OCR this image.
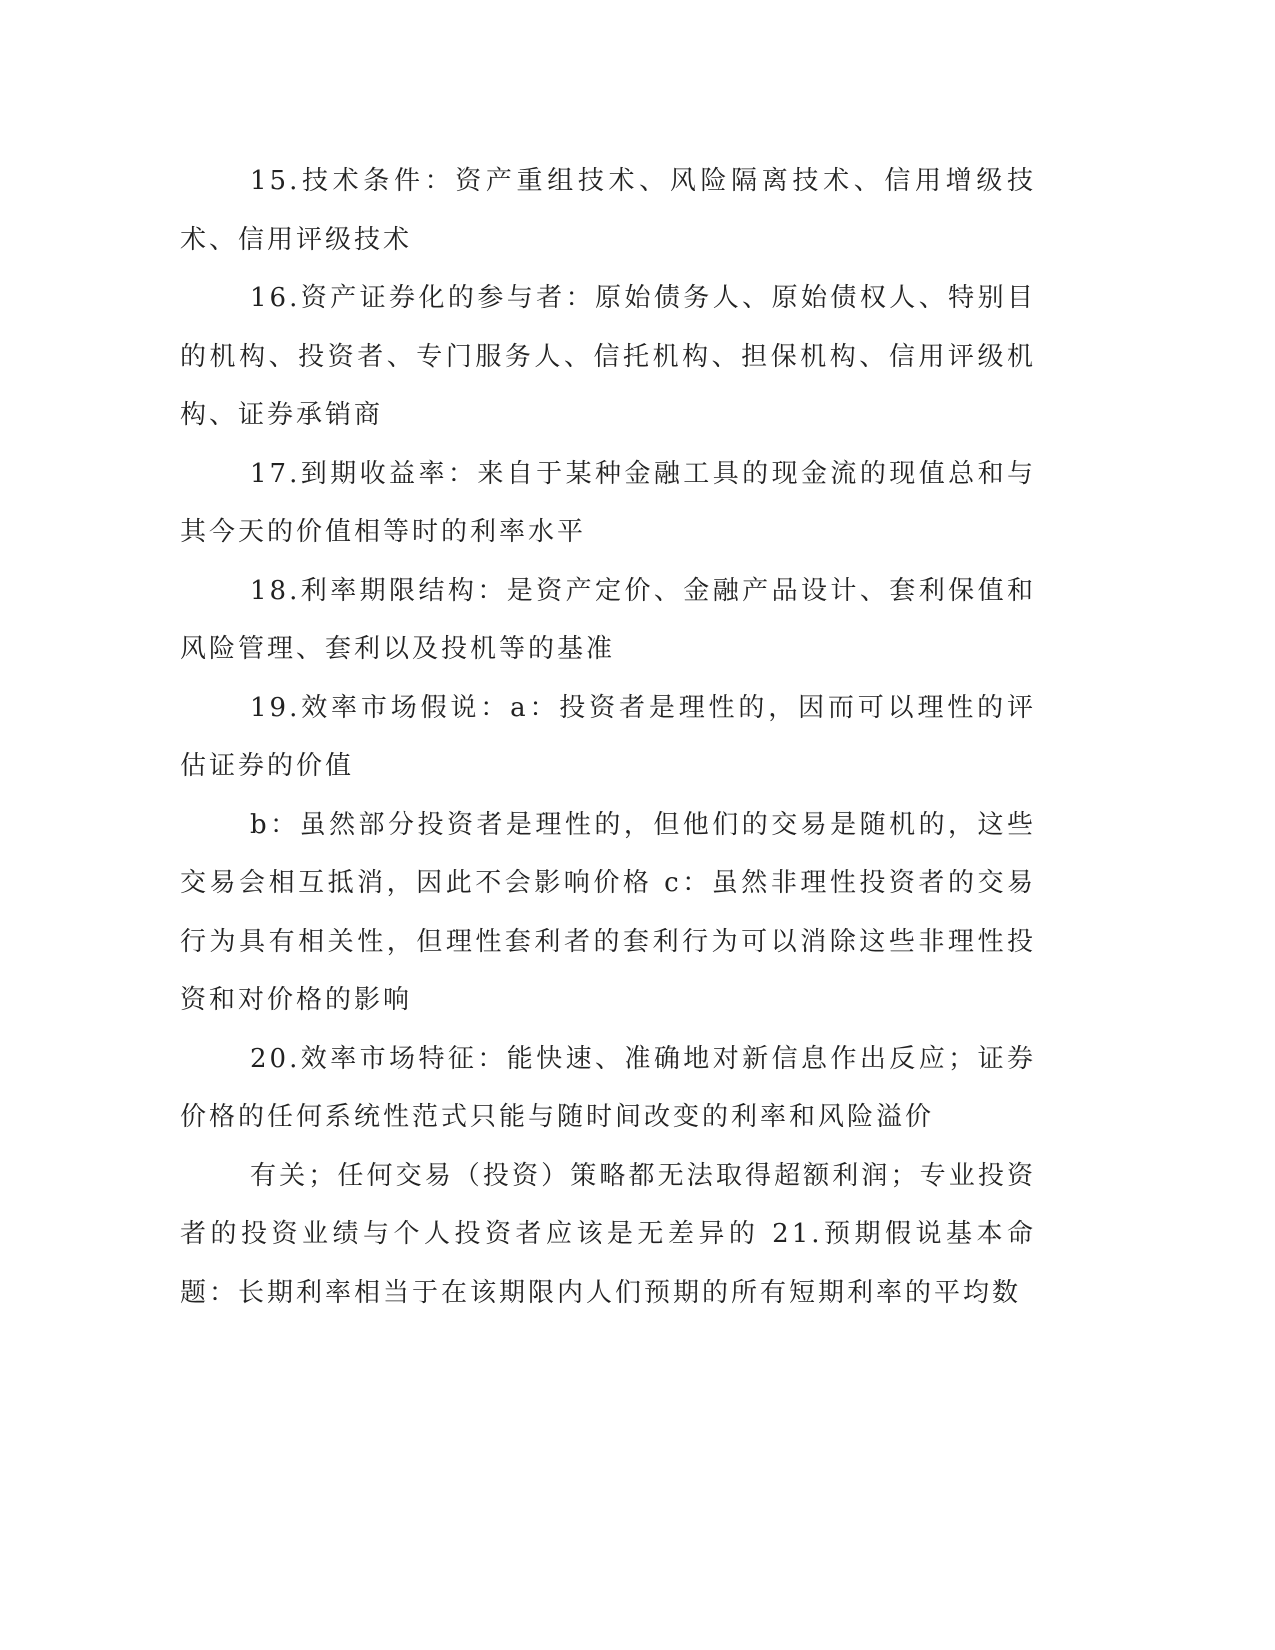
15.技术条件：资产重组技术、风险隔离技术、信用增级技术、信用评级技术

16.资产证券化的参与者：原始债务人、原始债权人、特别目的机构、投资者、专门服务人、信托机构、担保机构、信用评级机构、证券承销商

17.到期收益率：来自于某种金融工具的现金流的现值总和与其今天的价值相等时的利率水平

18.利率期限结构：是资产定价、金融产品设计、套利保值和风险管理、套利以及投机等的基准

19.效率市场假说：a：投资者是理性的，因而可以理性的评估证券的价值

b：虽然部分投资者是理性的，但他们的交易是随机的，这些交易会相互抵消，因此不会影响价格 c：虽然非理性投资者的交易行为具有相关性，但理性套利者的套利行为可以消除这些非理性投资和对价格的影响

20.效率市场特征：能快速、准确地对新信息作出反应；证券价格的任何系统性范式只能与随时间改变的利率和风险溢价

有关；任何交易（投资）策略都无法取得超额利润；专业投资者的投资业绩与个人投资者应该是无差异的 21.预期假说基本命题：长期利率相当于在该期限内人们预期的所有短期利率的平均数
